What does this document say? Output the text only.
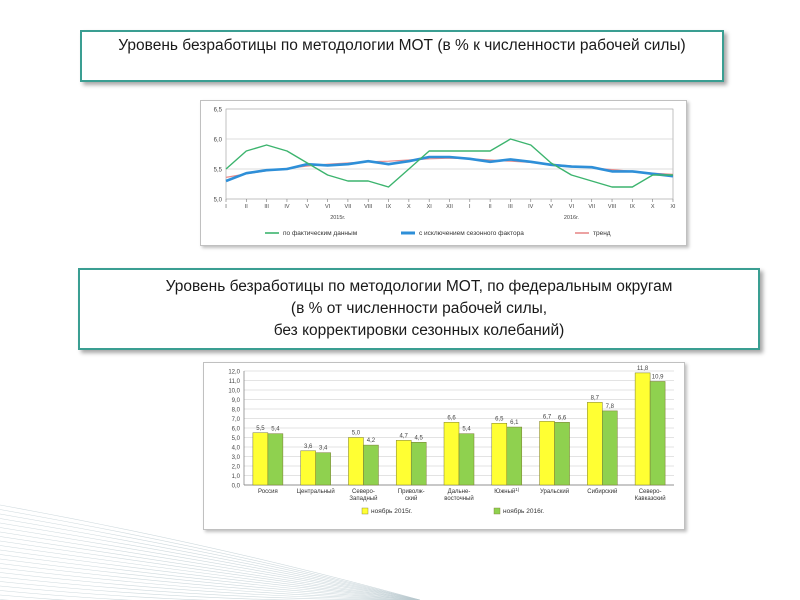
Уровень безработицы по методологии МОТ (в % к численности рабочей силы)
5,0
5,5
6,0
6,5
I	II	III	IV	V	VI	VII VIII IX	X	XI	XII	I	II	III	IV	V	VI	VII VIII IX	X	XI
2015г.	2016г.
по фактическим данным	с исключением сезонного фактора	тренд
Уровень безработицы по методологии МОТ, по федеральным округам
(в % от численности рабочей силы,
без корректировки сезонных колебаний)
0,0
1,0
2,0
3,0
4,0
5,0
6,0
7,0
8,0
9,0
10,0
11,0
12,0
5,5 5,4
Россия
3,6 3,4
Центральный
5,0
4,2
Северо-
Западный
4,7 4,5
Приволж-
ский
6,6
5,4
Дальне-
восточный
6,5
6,1
Южный$^{1)}$
6,7 6,6
Уральский
8,7
7,8
Сибирский
11,8
10,9
Северо-
Кавказский
ноябрь 2015г.	ноябрь 2016г.
